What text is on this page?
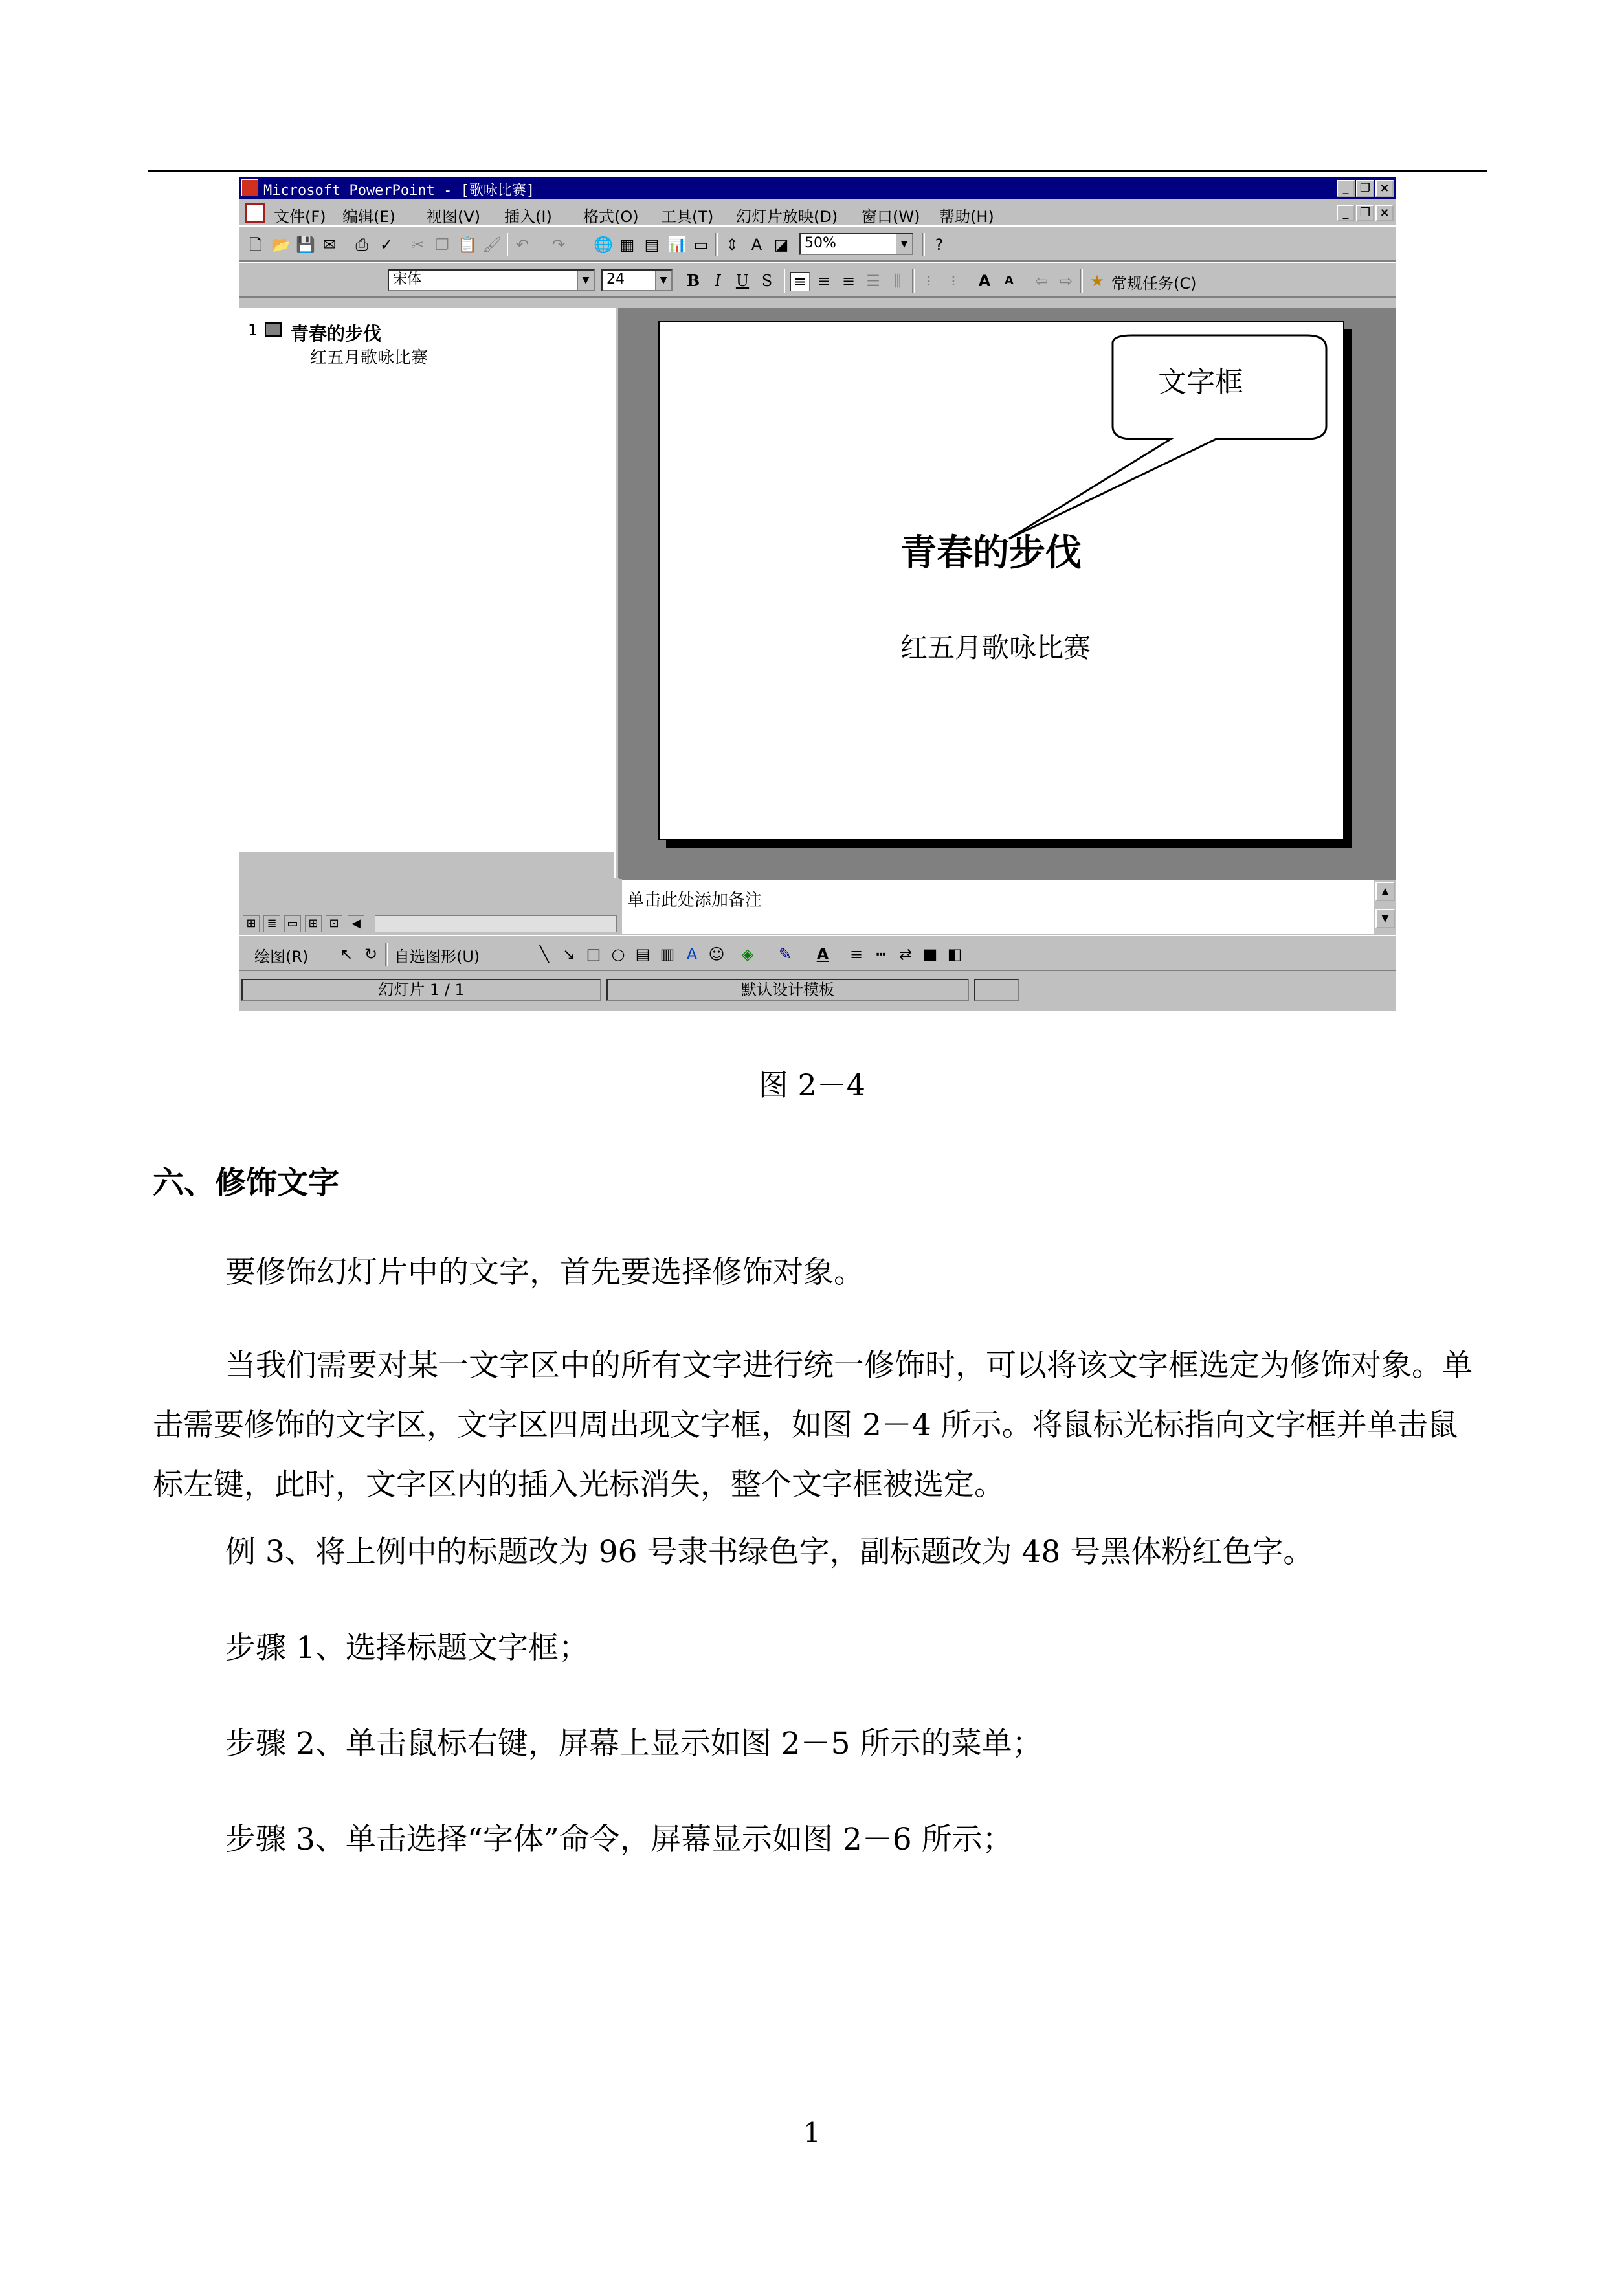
Microsoft PowerPoint - [歌咏比赛]	_ ❐ ×
文件(F) 编辑(E) 视图(V) 插入(I) 格式(O) 工具(T) 幻灯片放映(D) 窗口(W) 帮助(H)	_ ❐ ×
🗋 📂 💾 ✉ ⎙ ✓ ✂ ❐ 📋 🖌 ↶ ↷ 🌐 ▦ ▤ 📊 ▭ ⇕ A ◪	50%	▼	?
宋体	▼	24	▼ B I U S ≡ ≡ ≡ ☰ ⫼	⁝	⁝	A	A ⇦ ⇨ ★ 常规任务(C)
1 青春的步伐
红五月歌咏比赛
文字框
青春的步伐
红五月歌咏比赛
单击此处添加备注	▲
▼
⊞ ≣ ▭ ⊞ ⊡	◀
绘图(R) ↖ ↻ 自选图形(U)	╲ ↘ □ ○ ▤ ▥ A ☺ ◈ ✎ A ≡ ┅ ⇄ ■ ◧
幻灯片 1 / 1	默认设计模板
图 2－4
六、修饰文字
要修饰幻灯片中的文字，首先要选择修饰对象。
当我们需要对某一文字区中的所有文字进行统一修饰时，可以将该文字框选定为修饰对象。单击需要修饰的文字区，文字区四周出现文字框，如图 2－4 所示。将鼠标光标指向文字框并单击鼠标左键，此时，文字区内的插入光标消失，整个文字框被选定。
例 3、将上例中的标题改为 96 号隶书绿色字，副标题改为 48 号黑体粉红色字。
步骤 1、选择标题文字框；
步骤 2、单击鼠标右键，屏幕上显示如图 2－5 所示的菜单；
步骤 3、单击选择“字体”命令，屏幕显示如图 2－6 所示；
1
